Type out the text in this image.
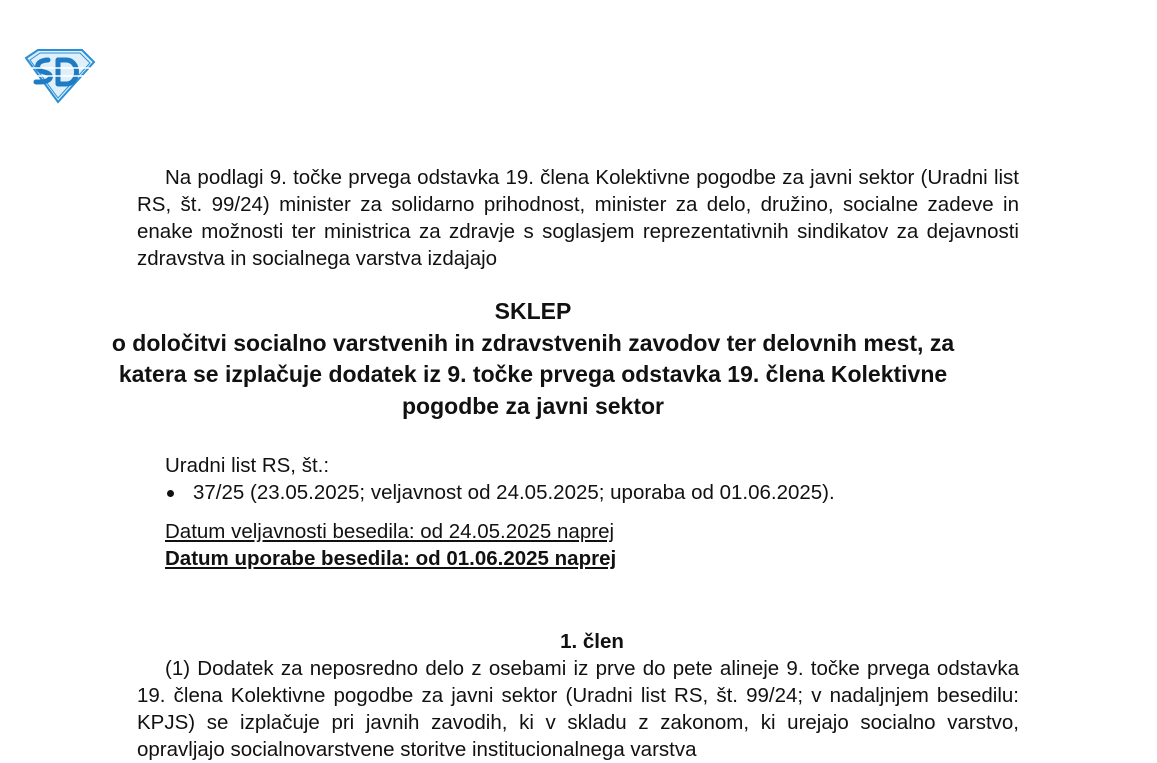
Na podlagi 9. točke prvega odstavka 19. člena Kolektivne pogodbe za javni sektor (Uradni list RS, št. 99/24) minister za solidarno prihodnost, minister za delo, družino, socialne zadeve in enake možnosti ter ministrica za zdravje s soglasjem reprezentativnih sindikatov za dejavnosti zdravstva in socialnega varstva izdajajo

SKLEP
o določitvi socialno varstvenih in zdravstvenih zavodov ter delovnih mest, za katera se izplačuje dodatek iz 9. točke prvega odstavka 19. člena Kolektivne pogodbe za javni sektor
Uradni list RS, št.:
37/25 (23.05.2025; veljavnost od 24.05.2025; uporaba od 01.06.2025).
Datum veljavnosti besedila: od 24.05.2025 naprej
Datum uporabe besedila: od 01.06.2025 naprej
1. člen

(1) Dodatek za neposredno delo z osebami iz prve do pete alineje 9. točke prvega odstavka 19. člena Kolektivne pogodbe za javni sektor (Uradni list RS, št. 99/24; v nadaljnjem besedilu: KPJS) se izplačuje pri javnih zavodih, ki v skladu z zakonom, ki urejajo socialno varstvo, opravljajo socialnovarstvene storitve institucionalnega varstva
